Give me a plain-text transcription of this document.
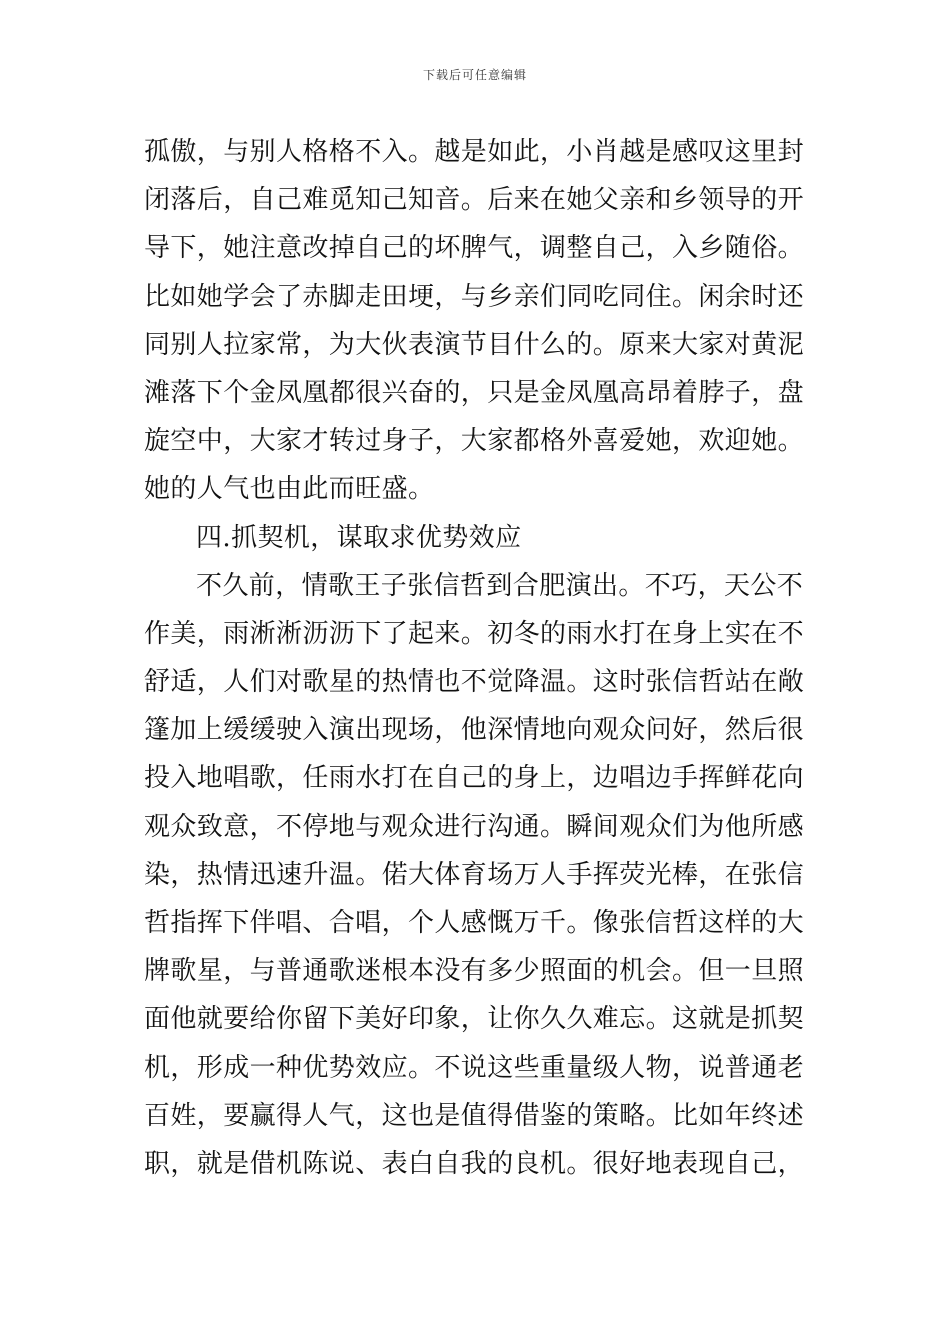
下载后可任意编辑
孤傲，与别人格格不入。越是如此，小肖越是感叹这里封
闭落后，自己难觅知己知音。后来在她父亲和乡领导的开
导下，她注意改掉自己的坏脾气，调整自己，入乡随俗。
比如她学会了赤脚走田埂，与乡亲们同吃同住。闲余时还
同别人拉家常，为大伙表演节目什么的。原来大家对黄泥
滩落下个金凤凰都很兴奋的，只是金凤凰高昂着脖子，盘
旋空中，大家才转过身子，大家都格外喜爱她，欢迎她。
她的人气也由此而旺盛。
四.抓契机，谋取求优势效应
不久前，情歌王子张信哲到合肥演出。不巧，天公不
作美，雨淅淅沥沥下了起来。初冬的雨水打在身上实在不
舒适，人们对歌星的热情也不觉降温。这时张信哲站在敞
篷加上缓缓驶入演出现场，他深情地向观众问好，然后很
投入地唱歌，任雨水打在自己的身上，边唱边手挥鲜花向
观众致意，不停地与观众进行沟通。瞬间观众们为他所感
染，热情迅速升温。偌大体育场万人手挥荧光棒，在张信
哲指挥下伴唱、合唱，个人感慨万千。像张信哲这样的大
牌歌星，与普通歌迷根本没有多少照面的机会。但一旦照
面他就要给你留下美好印象，让你久久难忘。这就是抓契
机，形成一种优势效应。不说这些重量级人物，说普通老
百姓，要赢得人气，这也是值得借鉴的策略。比如年终述
职，就是借机陈说、表白自我的良机。很好地表现自己，
